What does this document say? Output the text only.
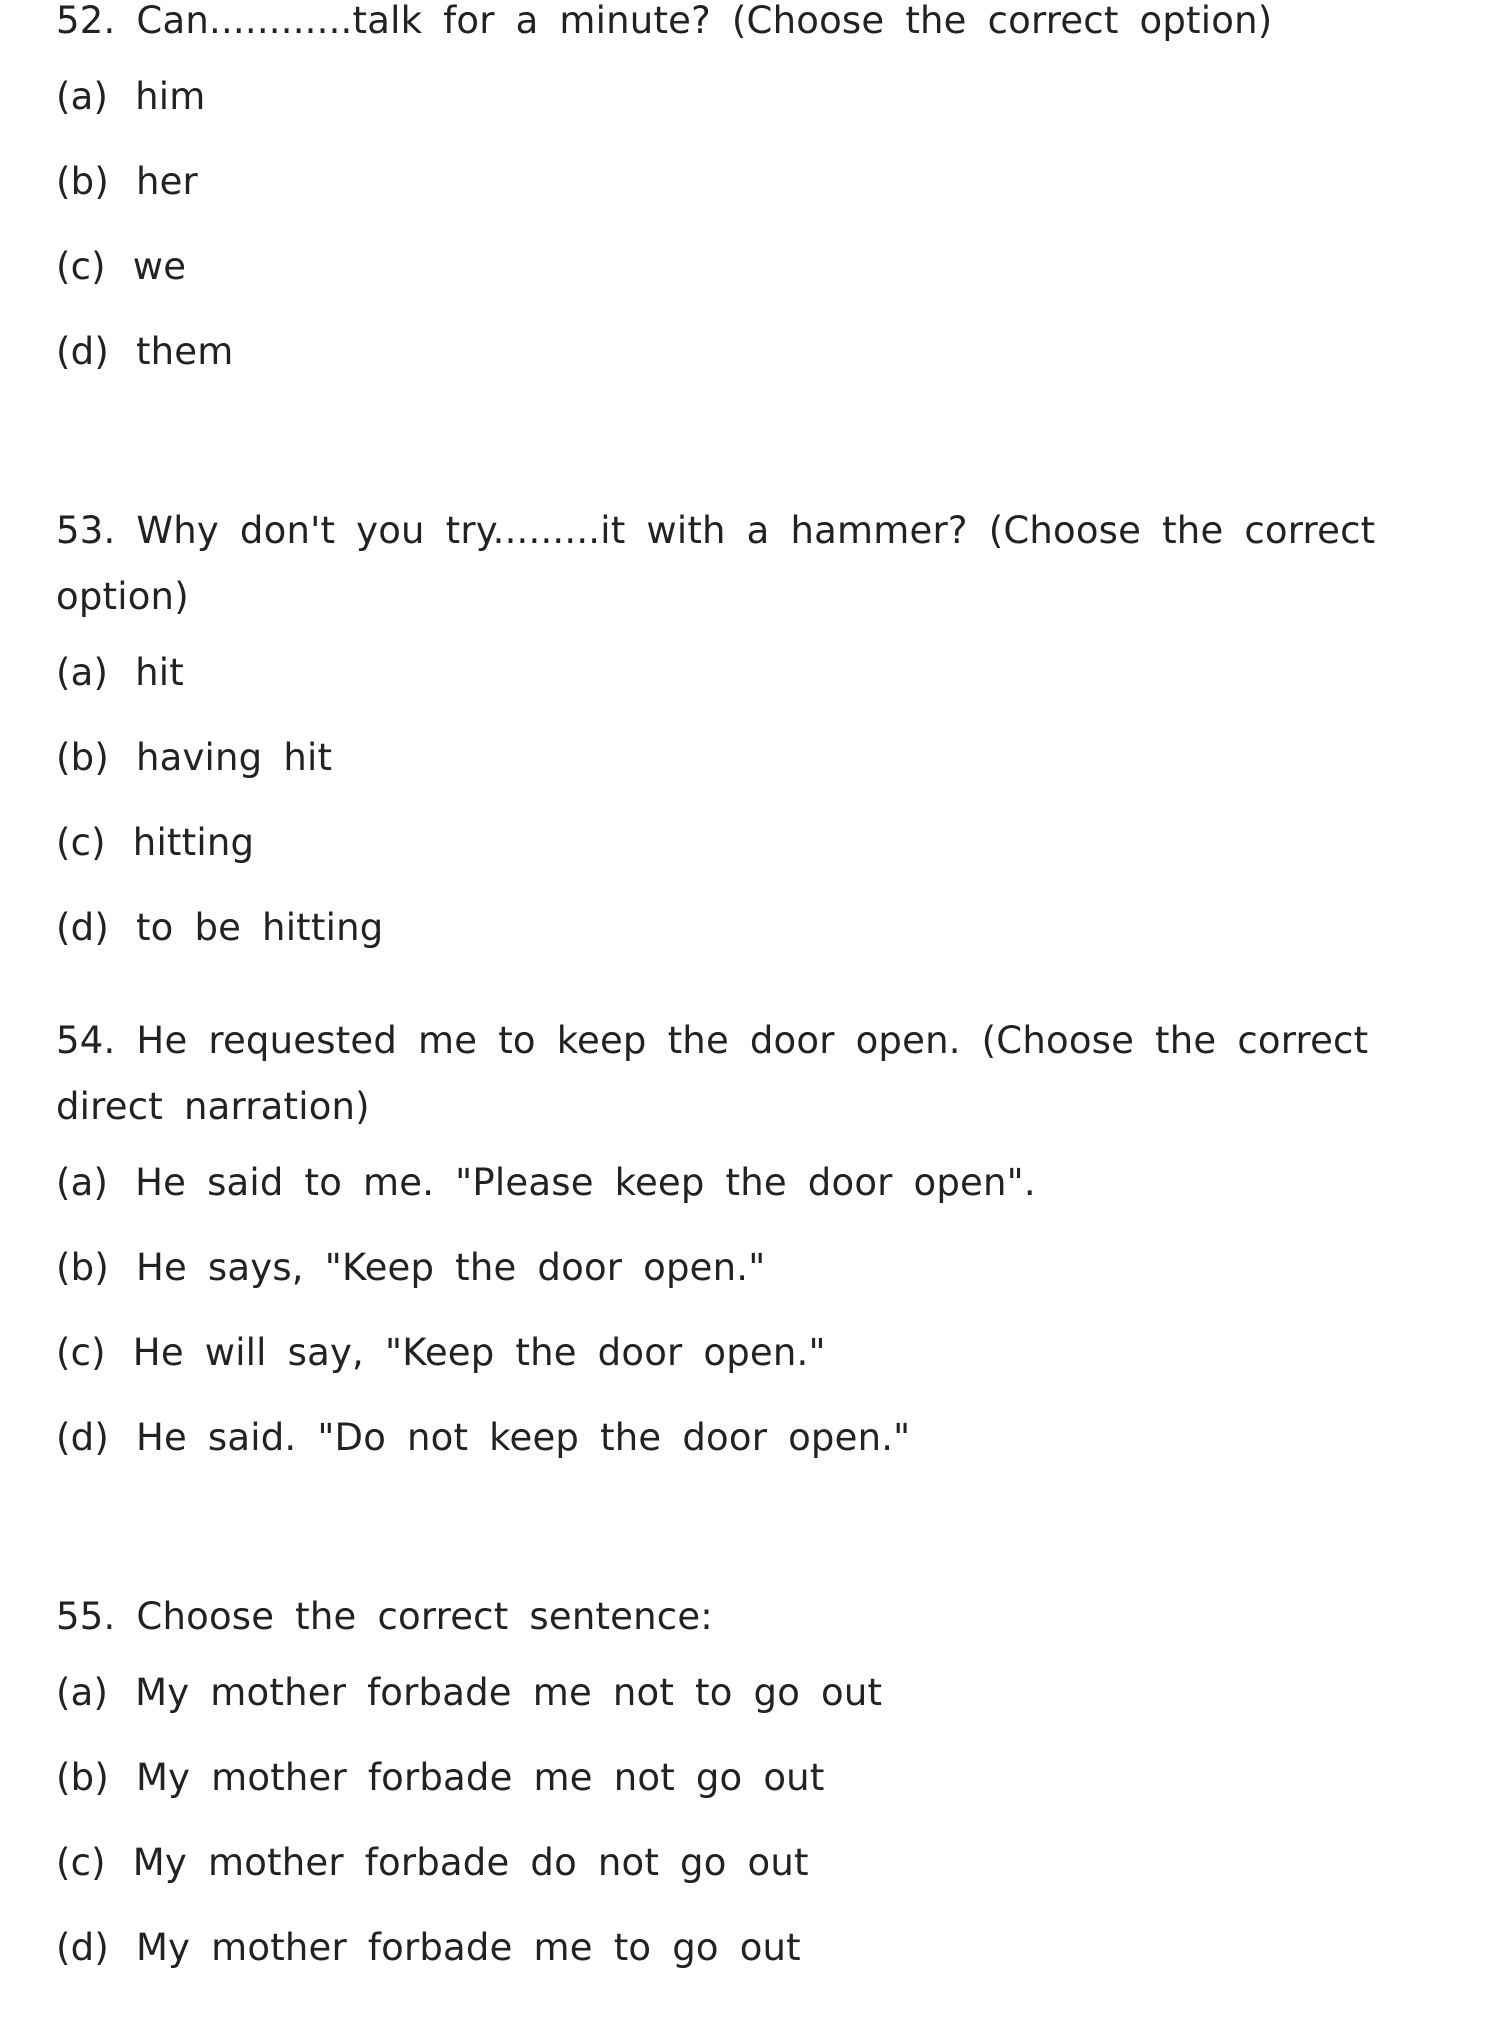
52. Can............talk for a minute? (Choose the correct option)

(a) him
(b) her
(c) we
(d) them

53. Why don't you try.........it with a hammer? (Choose the correct option)

(a) hit
(b) having hit
(c) hitting
(d) to be hitting

54. He requested me to keep the door open. (Choose the correct direct narration)

(a) He said to me. "Please keep the door open".
(b) He says, "Keep the door open."
(c) He will say, "Keep the door open."
(d) He said. "Do not keep the door open."

55. Choose the correct sentence:

(a) My mother forbade me not to go out
(b) My mother forbade me not go out
(c) My mother forbade do not go out
(d) My mother forbade me to go out
